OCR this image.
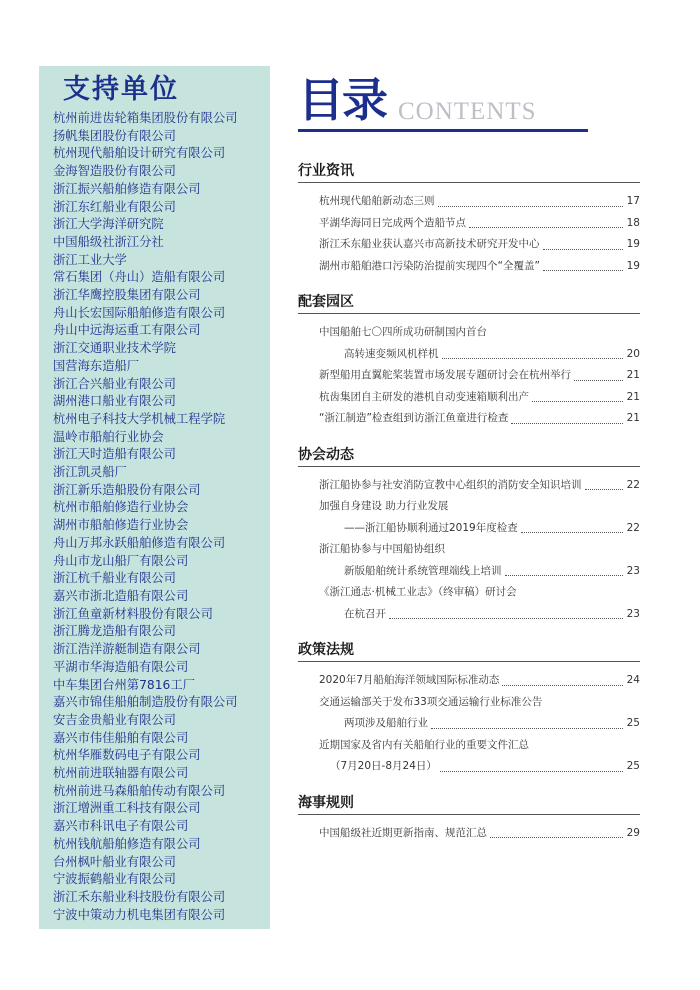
支持单位
杭州前进齿轮箱集团股份有限公司
扬帆集团股份有限公司
杭州现代船舶设计研究有限公司
金海智造股份有限公司
浙江振兴船舶修造有限公司
浙江东红船业有限公司
浙江大学海洋研究院
中国船级社浙江分社
浙江工业大学
常石集团（舟山）造船有限公司
浙江华鹰控股集团有限公司
舟山长宏国际船舶修造有限公司
舟山中远海运重工有限公司
浙江交通职业技术学院
国营海东造船厂
浙江合兴船业有限公司
湖州港口船业有限公司
杭州电子科技大学机械工程学院
温岭市船舶行业协会
浙江天时造船有限公司
浙江凯灵船厂
浙江新乐造船股份有限公司
杭州市船舶修造行业协会
湖州市船舶修造行业协会
舟山万邦永跃船舶修造有限公司
舟山市龙山船厂有限公司
浙江杭千船业有限公司
嘉兴市浙北造船有限公司
浙江鱼童新材料股份有限公司
浙江腾龙造船有限公司
浙江浩洋游艇制造有限公司
平湖市华海造船有限公司
中车集团台州第7816工厂
嘉兴市锦佳船舶制造股份有限公司
安吉金贵船业有限公司
嘉兴市伟佳船舶有限公司
杭州华雁数码电子有限公司
杭州前进联轴器有限公司
杭州前进马森船舶传动有限公司
浙江增洲重工科技有限公司
嘉兴市科讯电子有限公司
杭州钱航船舶修造有限公司
台州枫叶船业有限公司
宁波振鹤船业有限公司
浙江禾东船业科技股份有限公司
宁波中策动力机电集团有限公司
目录 CONTENTS
行业资讯
杭州现代船舶新动态三则	17
平湖华海同日完成两个造船节点	18
浙江禾东船业获认嘉兴市高新技术研究开发中心	19
湖州市船舶港口污染防治提前实现四个“全覆盖”	19
配套园区
中国船舶七〇四所成功研制国内首台
高转速变频风机样机	20
新型船用直翼舵桨装置市场发展专题研讨会在杭州举行	21
杭齿集团自主研发的港机自动变速箱顺利出产	21
“浙江制造”检查组到访浙江鱼童进行检查	21
协会动态
浙江船协参与社安消防宣教中心组织的消防安全知识培训	22
加强自身建设 助力行业发展
——浙江船协顺利通过2019年度检查	22
浙江船协参与中国船协组织
新版船舶统计系统管理端线上培训	23
《浙江通志·机械工业志》（终审稿）研讨会
在杭召开	23
政策法规
2020年7月船舶海洋领域国际标准动态	24
交通运输部关于发布33项交通运输行业标准公告
两项涉及船舶行业	25
近期国家及省内有关船舶行业的重要文件汇总
（7月20日-8月24日）	25
海事规则
中国船级社近期更新指南、规范汇总	29
